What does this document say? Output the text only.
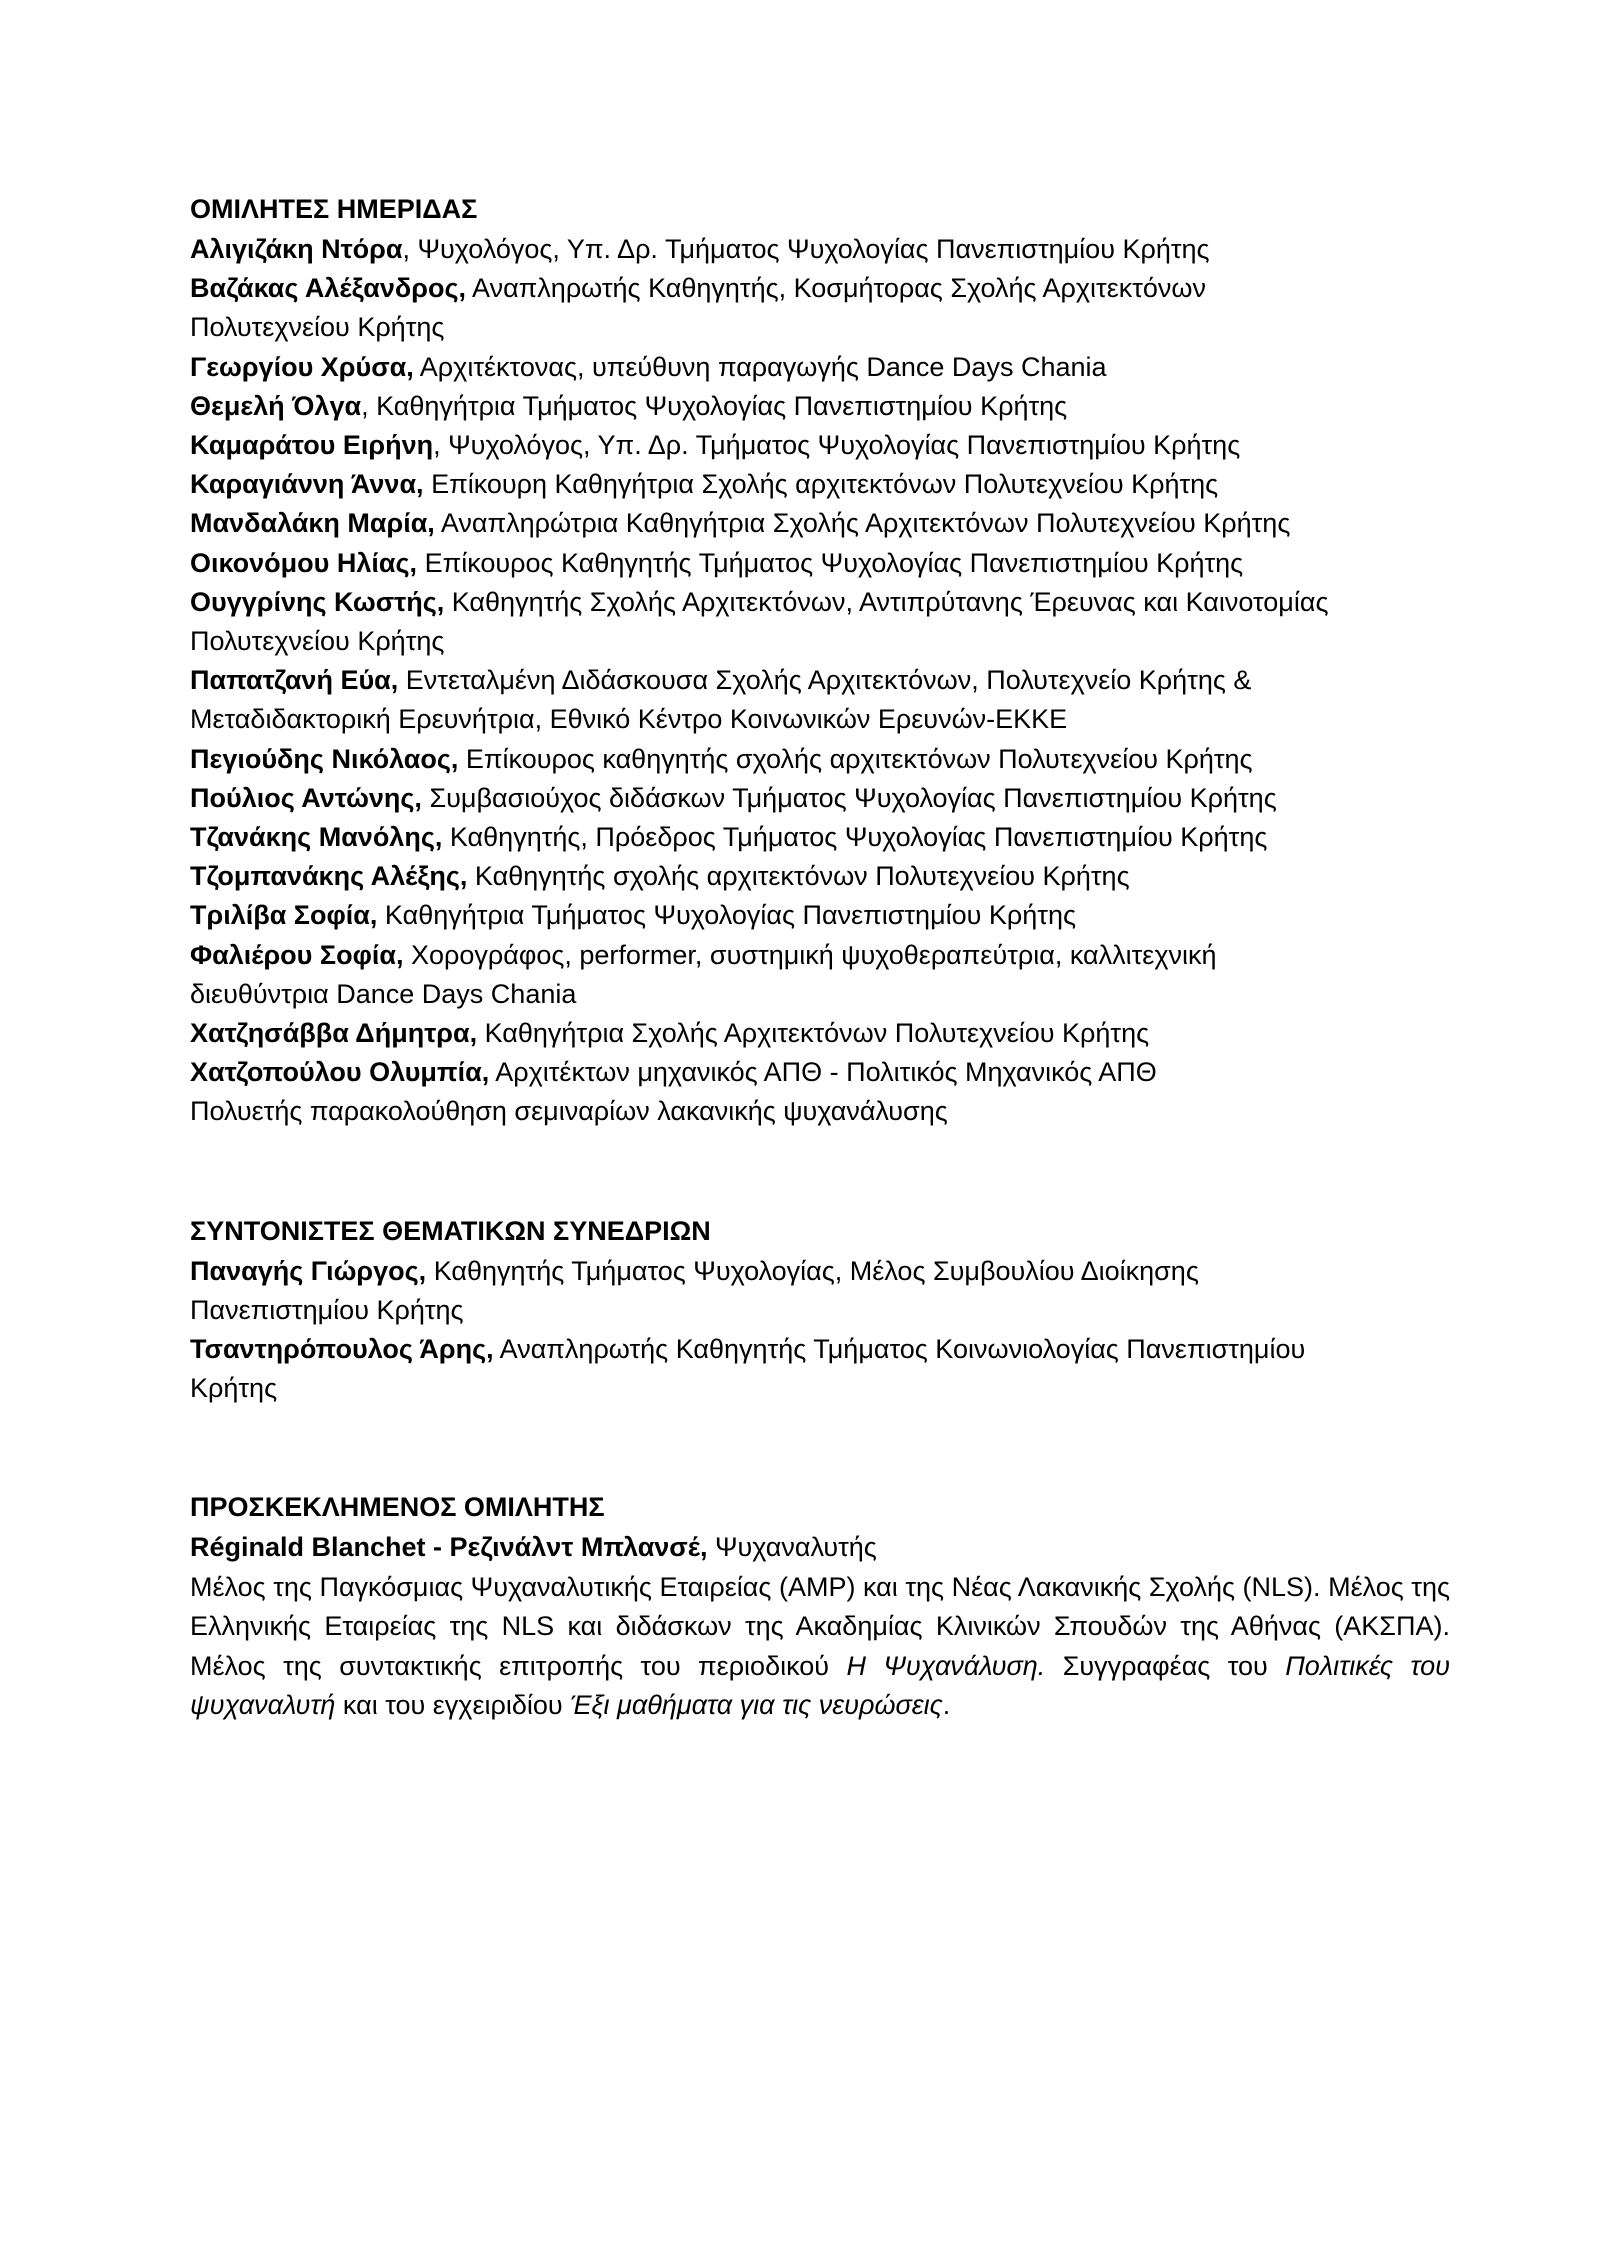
ΟΜΙΛΗΤΕΣ ΗΜΕΡΙΔΑΣ

Αλιγιζάκη Ντόρα, Ψυχολόγος, Υπ. Δρ. Τμήματος Ψυχολογίας Πανεπιστημίου Κρήτης

Βαζάκας Αλέξανδρος, Αναπληρωτής Καθηγητής, Κοσμήτορας Σχολής Αρχιτεκτόνων
Πολυτεχνείου Κρήτης

Γεωργίου Χρύσα, Αρχιτέκτονας, υπεύθυνη παραγωγής Dance Days Chania

Θεμελή Όλγα, Καθηγήτρια Τμήματος Ψυχολογίας Πανεπιστημίου Κρήτης

Καμαράτου Ειρήνη, Ψυχολόγος, Υπ. Δρ. Τμήματος Ψυχολογίας Πανεπιστημίου Κρήτης

Καραγιάννη Άννα, Επίκουρη Καθηγήτρια Σχολής αρχιτεκτόνων Πολυτεχνείου Κρήτης

Μανδαλάκη Μαρία, Αναπληρώτρια Καθηγήτρια Σχολής Αρχιτεκτόνων Πολυτεχνείου Κρήτης

Οικονόμου Ηλίας, Επίκουρος Καθηγητής Τμήματος Ψυχολογίας Πανεπιστημίου Κρήτης

Ουγγρίνης Κωστής, Καθηγητής Σχολής Αρχιτεκτόνων, Αντιπρύτανης Έρευνας και Καινοτομίας
Πολυτεχνείου Κρήτης

Παπατζανή Εύα, Εντεταλμένη Διδάσκουσα Σχολής Αρχιτεκτόνων, Πολυτεχνείο Κρήτης &
Μεταδιδακτορική Ερευνήτρια, Εθνικό Κέντρο Κοινωνικών Ερευνών-ΕΚΚΕ

Πεγιούδης Νικόλαος, Επίκουρος καθηγητής σχολής αρχιτεκτόνων Πολυτεχνείου Κρήτης

Πούλιος Αντώνης, Συμβασιούχος διδάσκων Τμήματος Ψυχολογίας Πανεπιστημίου Κρήτης

Τζανάκης Μανόλης, Καθηγητής, Πρόεδρος Τμήματος Ψυχολογίας Πανεπιστημίου Κρήτης

Τζομπανάκης Αλέξης, Καθηγητής σχολής αρχιτεκτόνων Πολυτεχνείου Κρήτης

Τριλίβα Σοφία, Καθηγήτρια Τμήματος Ψυχολογίας Πανεπιστημίου Κρήτης

Φαλιέρου Σοφία, Χορογράφος, performer, συστημική ψυχοθεραπεύτρια, καλλιτεχνική
διευθύντρια Dance Days Chania

Χατζησάββα Δήμητρα, Καθηγήτρια Σχολής Αρχιτεκτόνων Πολυτεχνείου Κρήτης

Χατζοπούλου Ολυμπία, Αρχιτέκτων μηχανικός ΑΠΘ - Πολιτικός Μηχανικός ΑΠΘ
Πολυετής παρακολούθηση σεμιναρίων λακανικής ψυχανάλυσης

ΣΥΝΤΟΝΙΣΤΕΣ ΘΕΜΑΤΙΚΩΝ ΣΥΝΕΔΡΙΩΝ

Παναγής Γιώργος, Καθηγητής Τμήματος Ψυχολογίας, Μέλος Συμβουλίου Διοίκησης
Πανεπιστημίου Κρήτης

Τσαντηρόπουλος Άρης, Αναπληρωτής Καθηγητής Τμήματος Κοινωνιολογίας Πανεπιστημίου
Κρήτης

ΠΡΟΣΚΕΚΛΗΜΕΝΟΣ ΟΜΙΛΗΤΗΣ

Réginald Blanchet - Ρεζινάλντ Μπλανσέ, Ψυχαναλυτής

Μέλος της Παγκόσμιας Ψυχαναλυτικής Εταιρείας (AMP) και της Νέας Λακανικής Σχολής (NLS). Μέλος της Ελληνικής Εταιρείας της NLS και διδάσκων της Ακαδημίας Κλινικών Σπουδών της Αθήνας (ΑΚΣΠΑ). Μέλος της συντακτικής επιτροπής του περιοδικού Η Ψυχανάλυση. Συγγραφέας του Πολιτικές του ψυχαναλυτή και του εγχειριδίου Έξι μαθήματα για τις νευρώσεις.
